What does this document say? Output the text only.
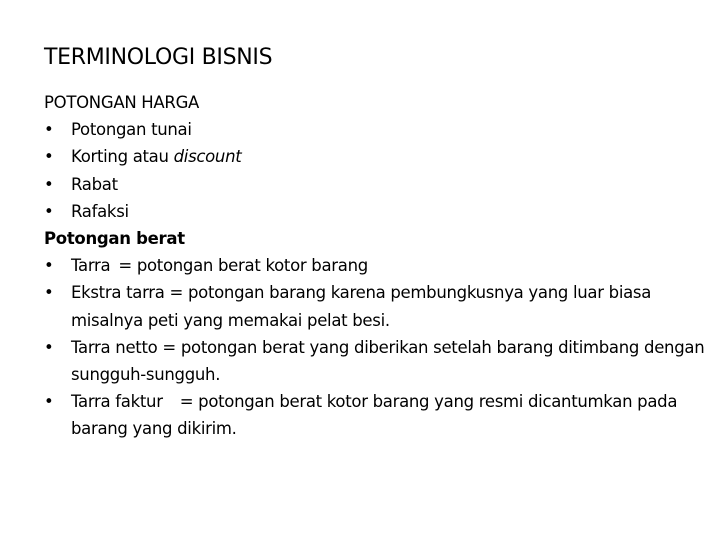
TERMINOLOGI BISNIS
POTONGAN HARGA
•	Potongan tunai
•	Korting atau discount
•	Rabat
•	Rafaksi
Potongan berat
•	Tarra = potongan berat kotor barang
•	Ekstra tarra = potongan barang karena pembungkusnya yang luar biasa misalnya peti yang memakai pelat besi.
•	Tarra netto = potongan berat yang diberikan setelah barang ditimbang dengan sungguh-sungguh.
•	Tarra faktur = potongan berat kotor barang yang resmi dicantumkan pada barang yang dikirim.
